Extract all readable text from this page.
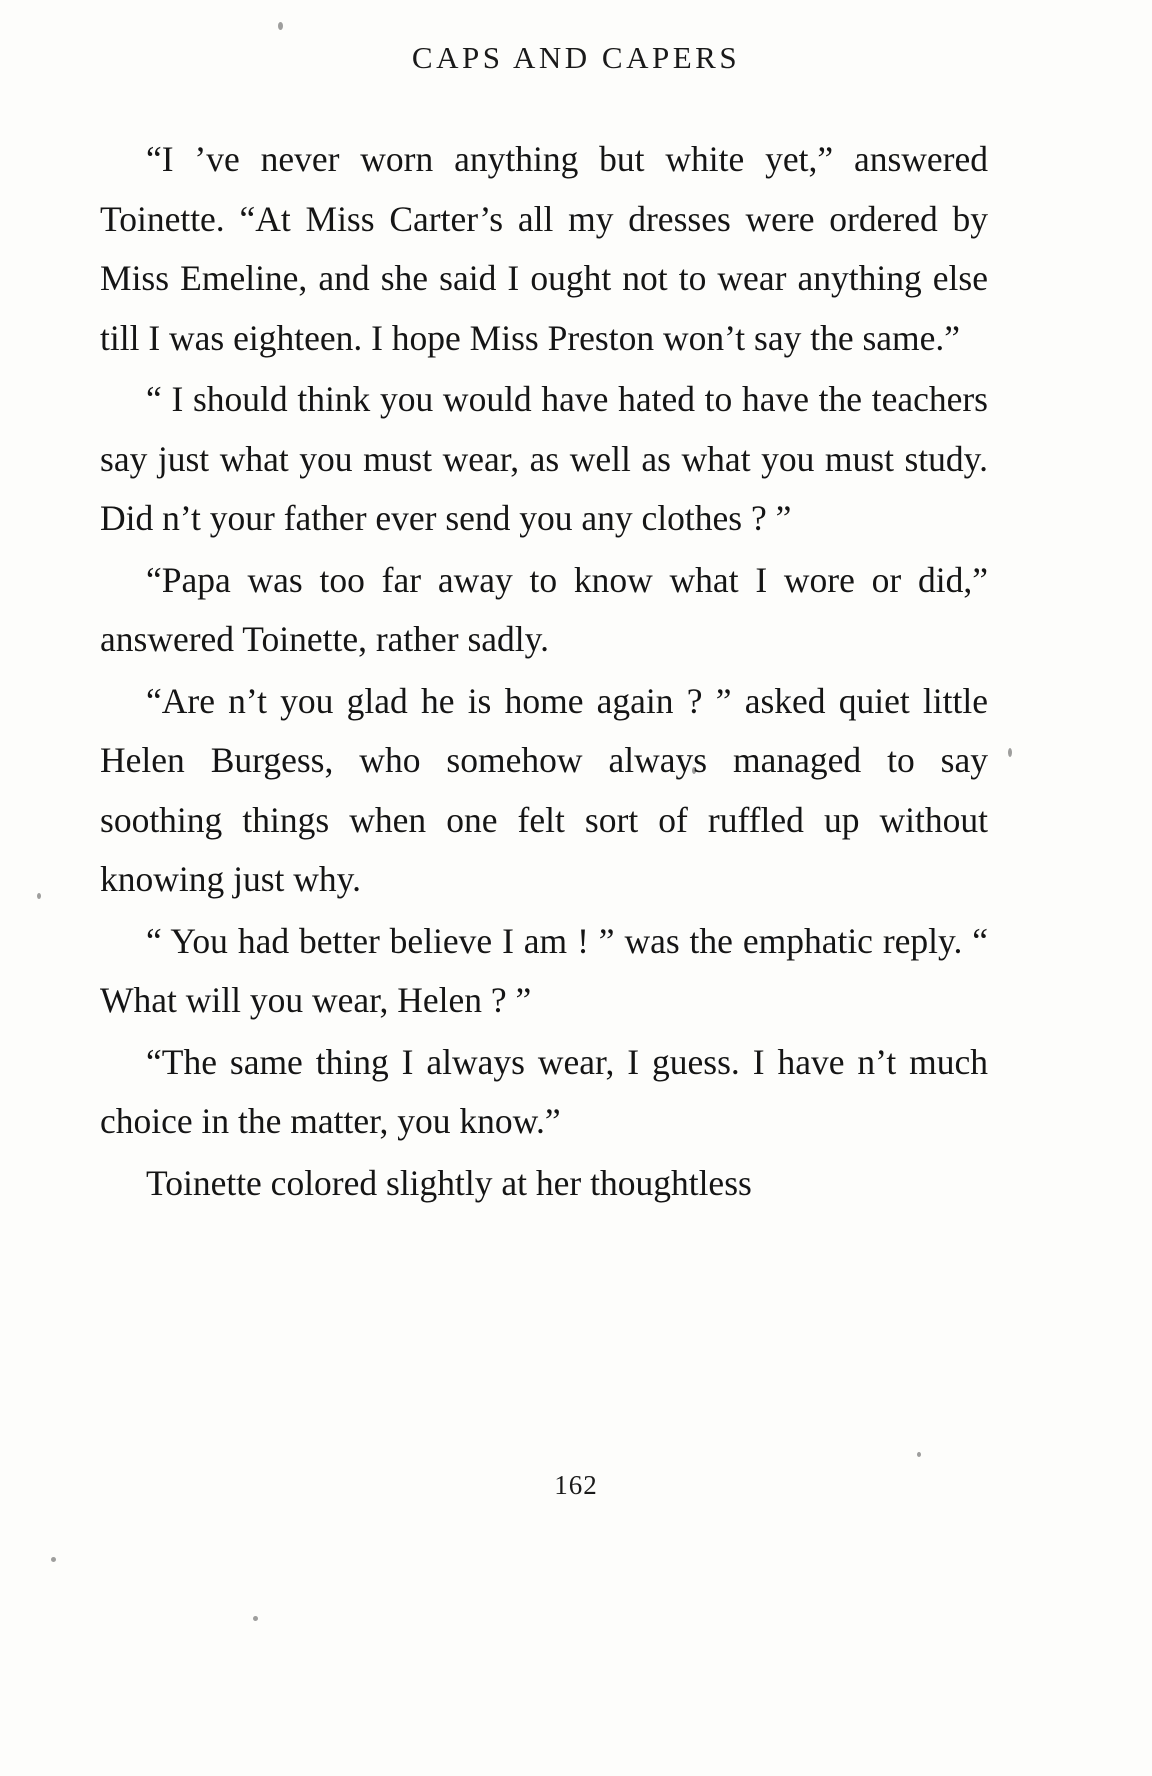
CAPS AND CAPERS

“I ’ve never worn anything but white yet,” answered Toinette. “At Miss Carter’s all my dresses were ordered by Miss Emeline, and she said I ought not to wear anything else till I was eighteen. I hope Miss Preston won’t say the same.”

“ I should think you would have hated to have the teachers say just what you must wear, as well as what you must study. Did n’t your father ever send you any clothes ? ”

“Papa was too far away to know what I wore or did,” answered Toinette, rather sadly.

“Are n’t you glad he is home again ? ” asked quiet little Helen Burgess, who somehow always managed to say soothing things when one felt sort of ruffled up without knowing just why.

“ You had better believe I am ! ” was the emphatic reply. “ What will you wear, Helen ? ”

“The same thing I always wear, I guess. I have n’t much choice in the matter, you know.”

Toinette colored slightly at her thoughtless

162
